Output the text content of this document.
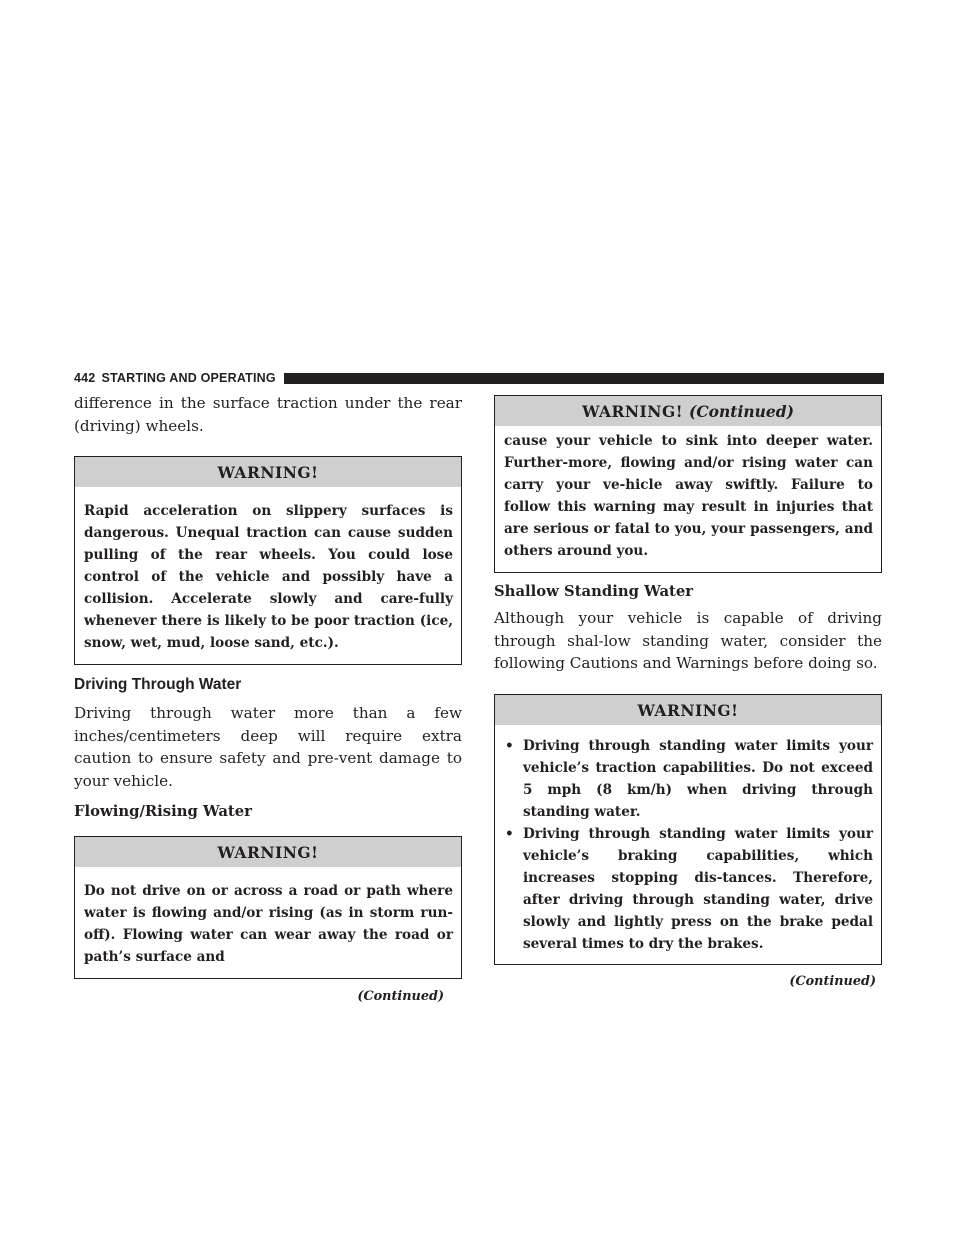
442 STARTING AND OPERATING

difference in the surface traction under the rear (driving) wheels.

WARNING!
Rapid acceleration on slippery surfaces is dangerous. Unequal traction can cause sudden pulling of the rear wheels. You could lose control of the vehicle and possibly have a collision. Accelerate slowly and care-fully whenever there is likely to be poor traction (ice, snow, wet, mud, loose sand, etc.).
Driving Through Water

Driving through water more than a few inches/centimeters deep will require extra caution to ensure safety and pre-vent damage to your vehicle.

Flowing/Rising Water
WARNING!
Do not drive on or across a road or path where water is flowing and/or rising (as in storm run-off). Flowing water can wear away the road or path’s surface and
(Continued)
WARNING! (Continued)
cause your vehicle to sink into deeper water. Further-more, flowing and/or rising water can carry your ve-hicle away swiftly. Failure to follow this warning may result in injuries that are serious or fatal to you, your passengers, and others around you.
Shallow Standing Water

Although your vehicle is capable of driving through shal-low standing water, consider the following Cautions and Warnings before doing so.

WARNING!
• Driving through standing water limits your vehicle’s traction capabilities. Do not exceed 5 mph (8 km/h) when driving through standing water.
• Driving through standing water limits your vehicle’s braking capabilities, which increases stopping dis-tances. Therefore, after driving through standing water, drive slowly and lightly press on the brake pedal several times to dry the brakes.
(Continued)
